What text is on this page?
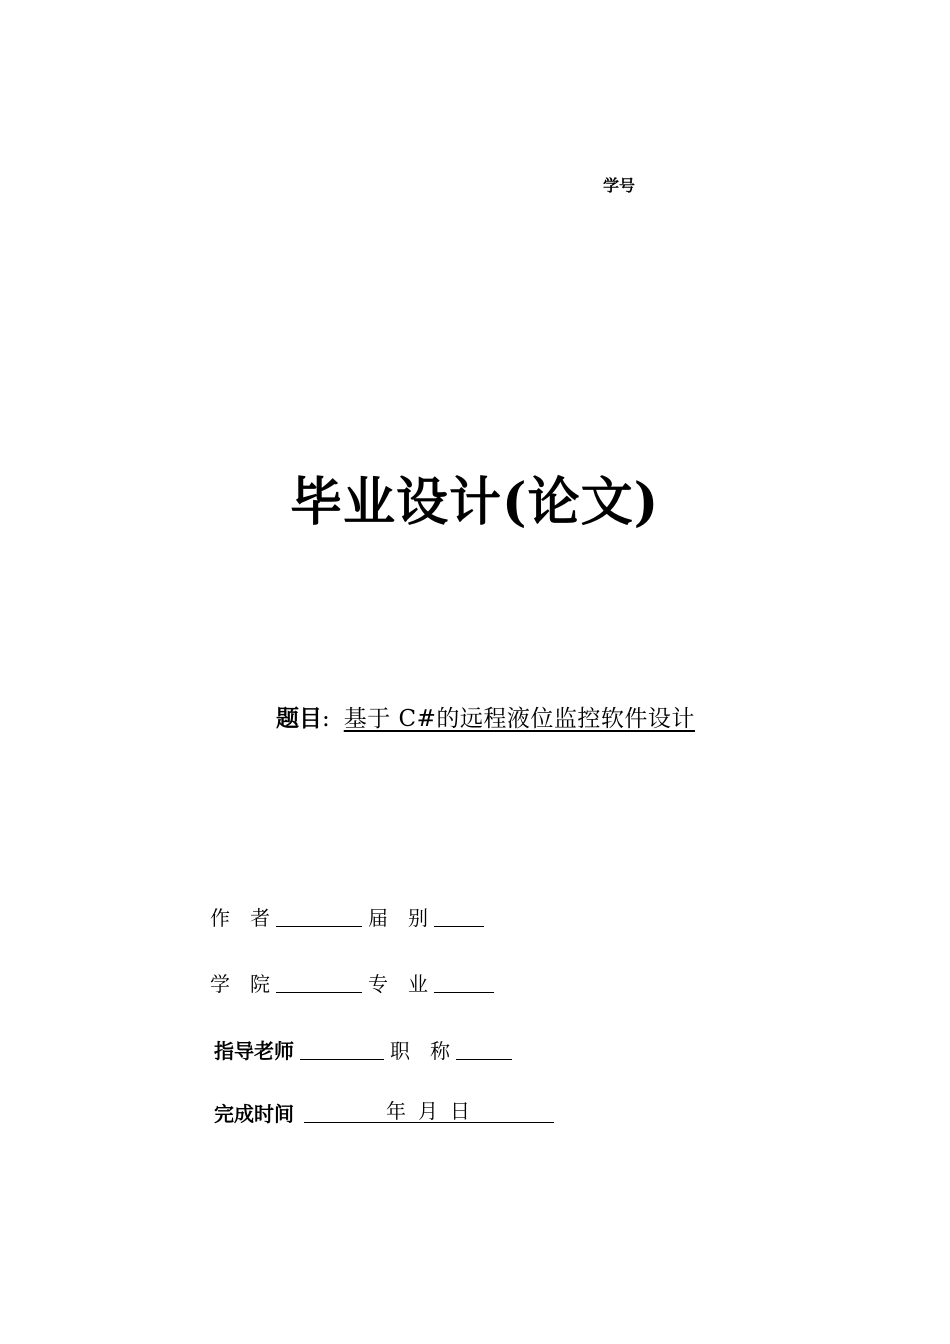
学号
毕业设计(论文)
题目: 基于 C#的远程液位监控软件设计
作　者	届　别
学　院	专　业
指导老师	职　称
完成时间	年 月 日
